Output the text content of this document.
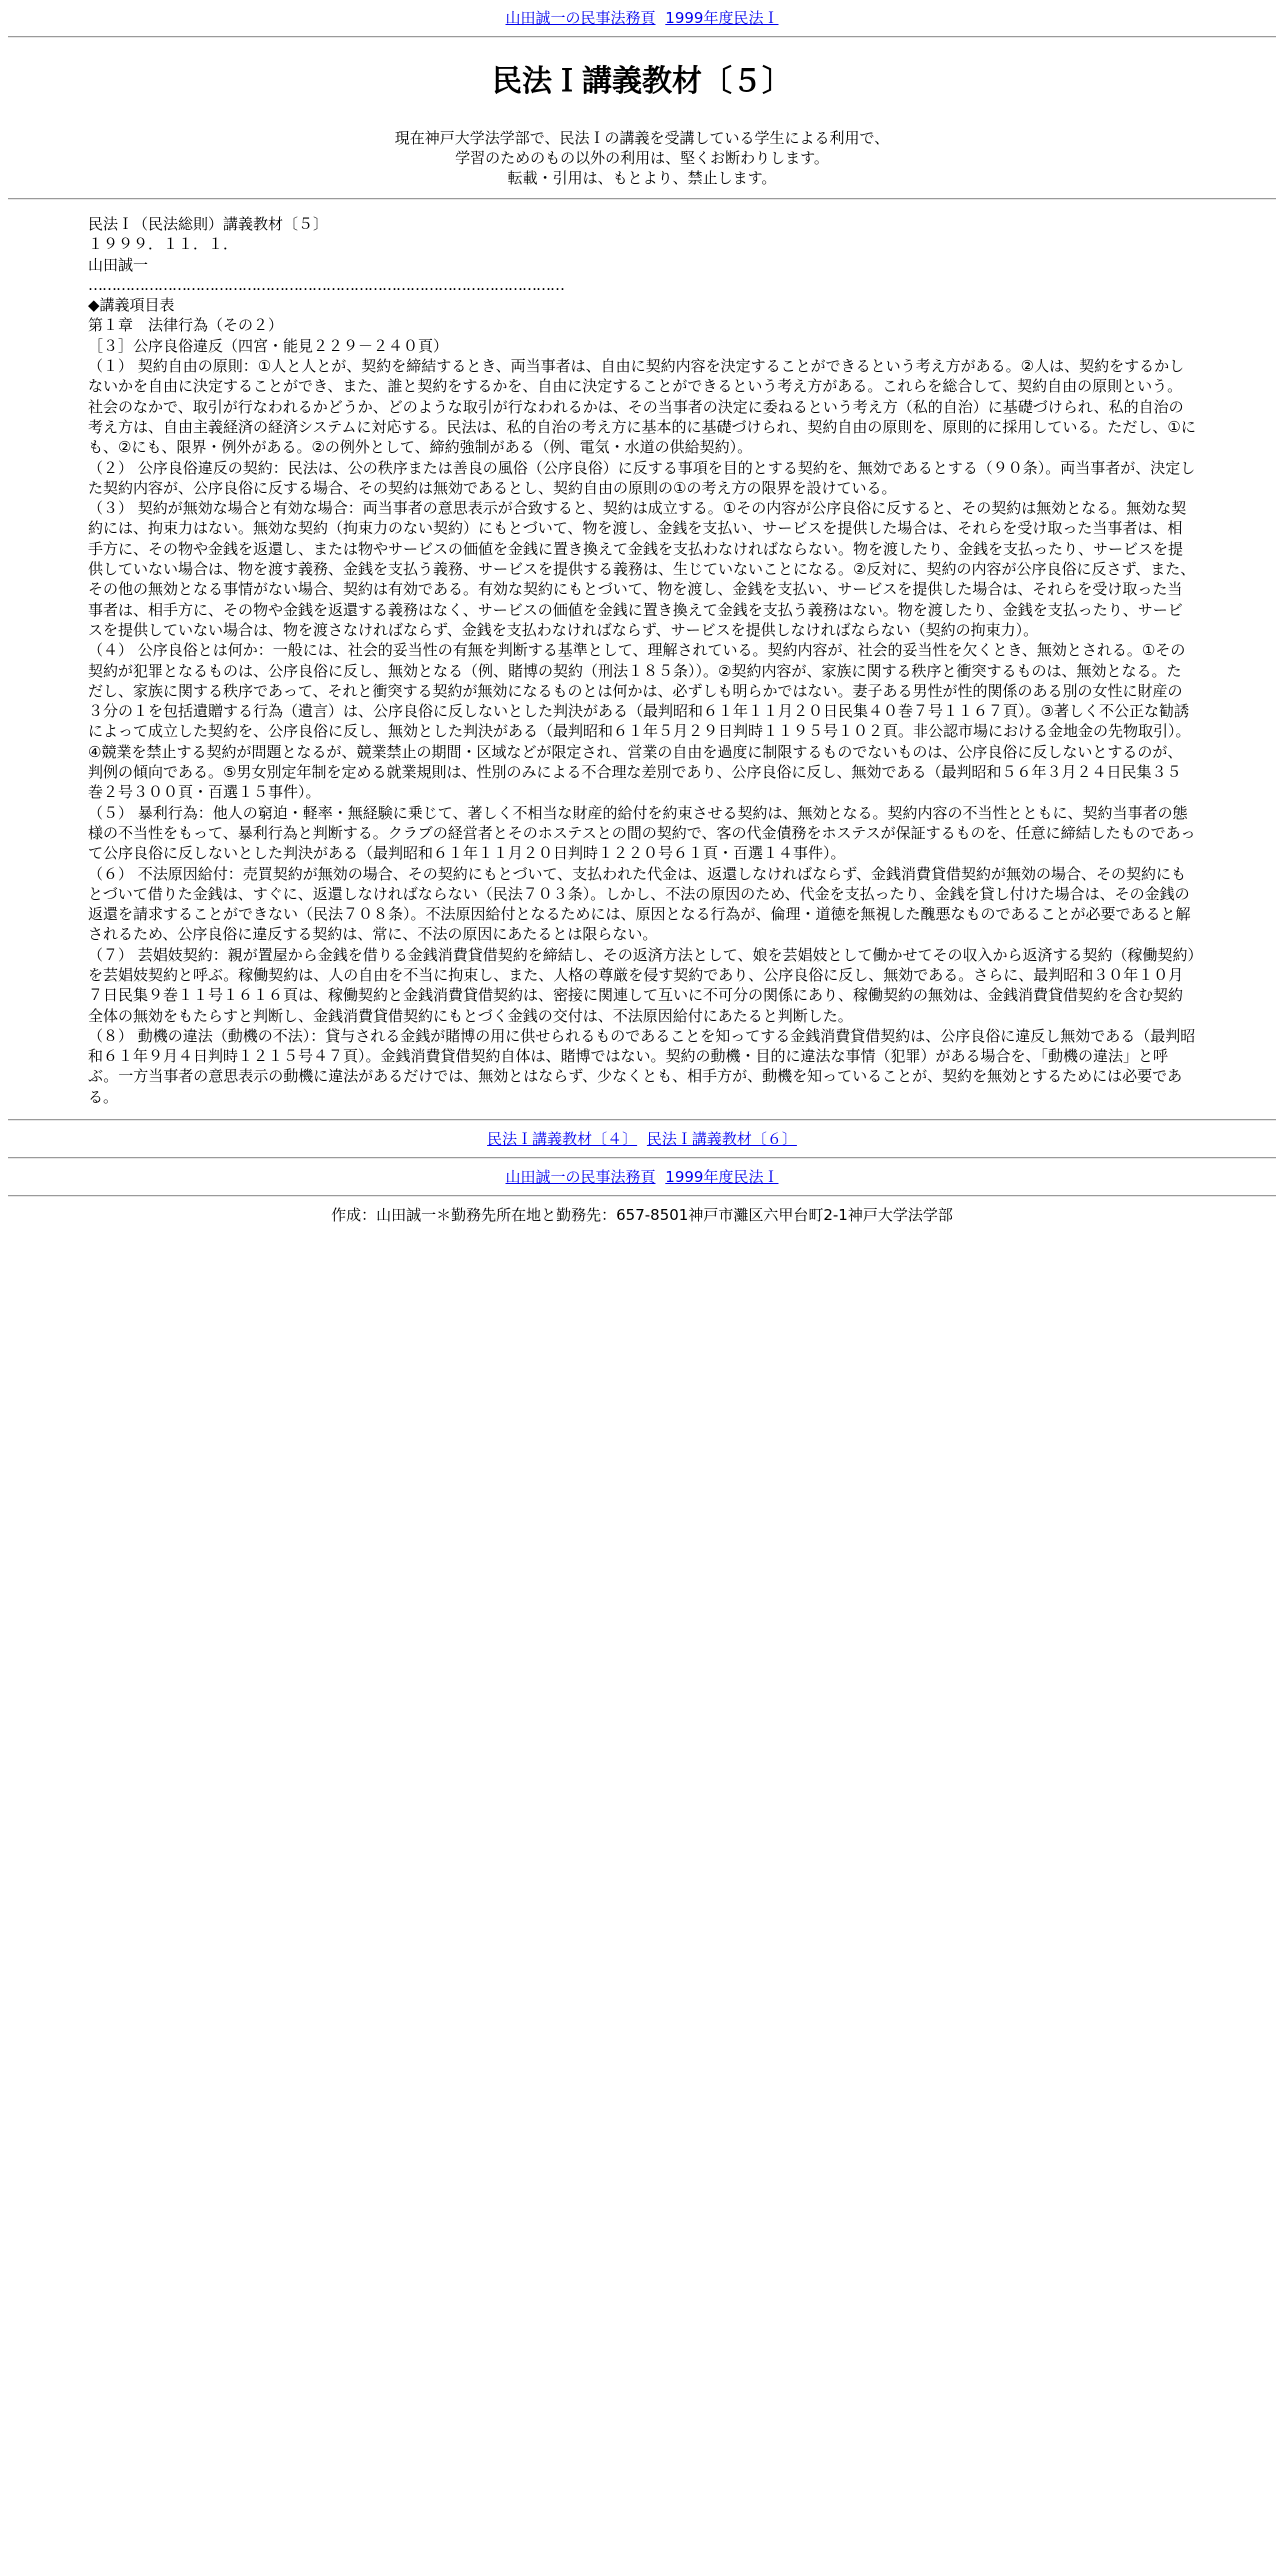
山田誠一の民事法務頁 1999年度民法Ｉ
民法Ｉ講義教材〔５〕
現在神戸大学法学部で、民法Ｉの講義を受講している学生による利用で、
学習のためのもの以外の利用は、堅くお断わりします。
転載・引用は、もとより、禁止します。
民法Ｉ（民法総則）講義教材〔５〕
１９９９．１１．１．
山田誠一
…………………………………………………………………………………………
◆講義項目表
第１章　法律行為（その２）
［３］公序良俗違反（四宮・能見２２９－２４０頁）
（１） 契約自由の原則：①人と人とが、契約を締結するとき、両当事者は、自由に契約内容を決定することができるという考え方がある。②人は、契約をするかしないかを自由に決定することができ、また、誰と契約をするかを、自由に決定することができるという考え方がある。これらを総合して、契約自由の原則という。社会のなかで、取引が行なわれるかどうか、どのような取引が行なわれるかは、その当事者の決定に委ねるという考え方（私的自治）に基礎づけられ、私的自治の考え方は、自由主義経済の経済システムに対応する。民法は、私的自治の考え方に基本的に基礎づけられ、契約自由の原則を、原則的に採用している。ただし、①にも、②にも、限界・例外がある。②の例外として、締約強制がある（例、電気・水道の供給契約）。
（２） 公序良俗違反の契約：民法は、公の秩序または善良の風俗（公序良俗）に反する事項を目的とする契約を、無効であるとする（９０条）。両当事者が、決定した契約内容が、公序良俗に反する場合、その契約は無効であるとし、契約自由の原則の①の考え方の限界を設けている。
（３） 契約が無効な場合と有効な場合：両当事者の意思表示が合致すると、契約は成立する。①その内容が公序良俗に反すると、その契約は無効となる。無効な契約には、拘束力はない。無効な契約（拘束力のない契約）にもとづいて、物を渡し、金銭を支払い、サービスを提供した場合は、それらを受け取った当事者は、相手方に、その物や金銭を返還し、または物やサービスの価値を金銭に置き換えて金銭を支払わなければならない。物を渡したり、金銭を支払ったり、サービスを提供していない場合は、物を渡す義務、金銭を支払う義務、サービスを提供する義務は、生じていないことになる。②反対に、契約の内容が公序良俗に反さず、また、その他の無効となる事情がない場合、契約は有効である。有効な契約にもとづいて、物を渡し、金銭を支払い、サービスを提供した場合は、それらを受け取った当事者は、相手方に、その物や金銭を返還する義務はなく、サービスの価値を金銭に置き換えて金銭を支払う義務はない。物を渡したり、金銭を支払ったり、サービスを提供していない場合は、物を渡さなければならず、金銭を支払わなければならず、サービスを提供しなければならない（契約の拘束力）。
（４） 公序良俗とは何か：一般には、社会的妥当性の有無を判断する基準として、理解されている。契約内容が、社会的妥当性を欠くとき、無効とされる。①その契約が犯罪となるものは、公序良俗に反し、無効となる（例、賭博の契約（刑法１８５条））。②契約内容が、家族に関する秩序と衝突するものは、無効となる。ただし、家族に関する秩序であって、それと衝突する契約が無効になるものとは何かは、必ずしも明らかではない。妻子ある男性が性的関係のある別の女性に財産の３分の１を包括遺贈する行為（遺言）は、公序良俗に反しないとした判決がある（最判昭和６１年１１月２０日民集４０巻７号１１６７頁）。③著しく不公正な勧誘によって成立した契約を、公序良俗に反し、無効とした判決がある（最判昭和６１年５月２９日判時１１９５号１０２頁。非公認市場における金地金の先物取引）。④競業を禁止する契約が問題となるが、競業禁止の期間・区域などが限定され、営業の自由を過度に制限するものでないものは、公序良俗に反しないとするのが、判例の傾向である。⑤男女別定年制を定める就業規則は、性別のみによる不合理な差別であり、公序良俗に反し、無効である（最判昭和５６年３月２４日民集３５巻２号３００頁・百選１５事件）。
（５） 暴利行為：他人の窮迫・軽率・無経験に乗じて、著しく不相当な財産的給付を約束させる契約は、無効となる。契約内容の不当性とともに、契約当事者の態様の不当性をもって、暴利行為と判断する。クラブの経営者とそのホステスとの間の契約で、客の代金債務をホステスが保証するものを、任意に締結したものであって公序良俗に反しないとした判決がある（最判昭和６１年１１月２０日判時１２２０号６１頁・百選１４事件）。
（６） 不法原因給付：売買契約が無効の場合、その契約にもとづいて、支払われた代金は、返還しなければならず、金銭消費貸借契約が無効の場合、その契約にもとづいて借りた金銭は、すぐに、返還しなければならない（民法７０３条）。しかし、不法の原因のため、代金を支払ったり、金銭を貸し付けた場合は、その金銭の返還を請求することができない（民法７０８条）。不法原因給付となるためには、原因となる行為が、倫理・道徳を無視した醜悪なものであることが必要であると解されるため、公序良俗に違反する契約は、常に、不法の原因にあたるとは限らない。
（７） 芸娼妓契約：親が置屋から金銭を借りる金銭消費貸借契約を締結し、その返済方法として、娘を芸娼妓として働かせてその収入から返済する契約（稼働契約）を芸娼妓契約と呼ぶ。稼働契約は、人の自由を不当に拘束し、また、人格の尊厳を侵す契約であり、公序良俗に反し、無効である。さらに、最判昭和３０年１０月７日民集９巻１１号１６１６頁は、稼働契約と金銭消費貸借契約は、密接に関連して互いに不可分の関係にあり、稼働契約の無効は、金銭消費貸借契約を含む契約全体の無効をもたらすと判断し、金銭消費貸借契約にもとづく金銭の交付は、不法原因給付にあたると判断した。
（８） 動機の違法（動機の不法）：貸与される金銭が賭博の用に供せられるものであることを知ってする金銭消費貸借契約は、公序良俗に違反し無効である（最判昭和６１年９月４日判時１２１５号４７頁）。金銭消費貸借契約自体は、賭博ではない。契約の動機・目的に違法な事情（犯罪）がある場合を、「動機の違法」と呼ぶ。一方当事者の意思表示の動機に違法があるだけでは、無効とはならず、少なくとも、相手方が、動機を知っていることが、契約を無効とするためには必要である。
民法Ｉ講義教材〔４〕 民法Ｉ講義教材〔６〕
山田誠一の民事法務頁 1999年度民法Ｉ
作成：山田誠一＊勤務先所在地と勤務先：657-8501神戸市灘区六甲台町2-1神戸大学法学部
